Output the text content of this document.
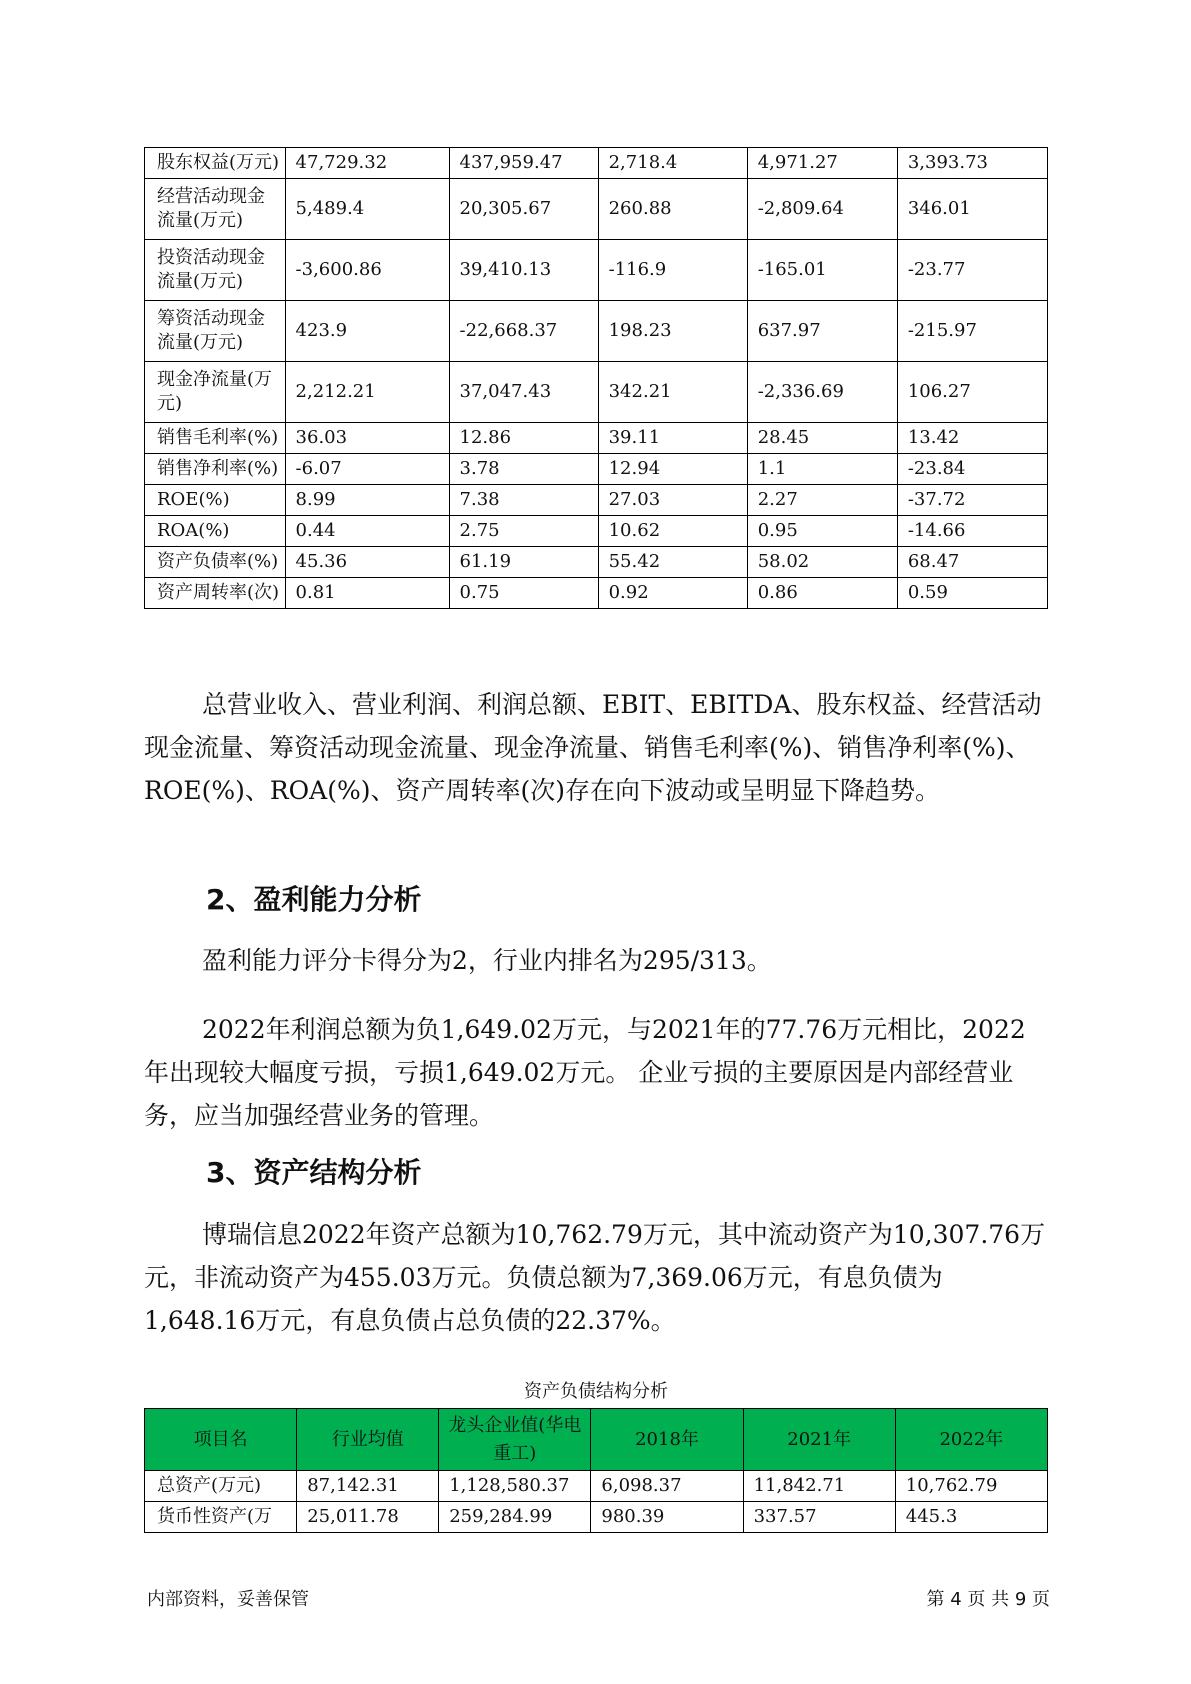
股东权益(万元)	47,729.32	437,959.47	2,718.4	4,971.27	3,393.73
经营活动现金流量(万元)	5,489.4	20,305.67	260.88	-2,809.64	346.01
投资活动现金流量(万元)	-3,600.86	39,410.13	-116.9	-165.01	-23.77
筹资活动现金流量(万元)	423.9	-22,668.37	198.23	637.97	-215.97
现金净流量(万元)	2,212.21	37,047.43	342.21	-2,336.69	106.27
销售毛利率(%)	36.03	12.86	39.11	28.45	13.42
销售净利率(%)	-6.07	3.78	12.94	1.1	-23.84
ROE(%)	8.99	7.38	27.03	2.27	-37.72
ROA(%)	0.44	2.75	10.62	0.95	-14.66
资产负债率(%)	45.36	61.19	55.42	58.02	68.47
资产周转率(次)	0.81	0.75	0.92	0.86	0.59

总营业收入、营业利润、利润总额、EBIT、EBITDA、股东权益、经营活动现金流量、筹资活动现金流量、现金净流量、销售毛利率(%)、销售净利率(%)、ROE(%)、ROA(%)、资产周转率(次)存在向下波动或呈明显下降趋势。

2、盈利能力分析

盈利能力评分卡得分为2，行业内排名为295/313。

2022年利润总额为负1,649.02万元，与2021年的77.76万元相比，2022年出现较大幅度亏损，亏损1,649.02万元。 企业亏损的主要原因是内部经营业务，应当加强经营业务的管理。

3、资产结构分析

博瑞信息2022年资产总额为10,762.79万元，其中流动资产为10,307.76万元，非流动资产为455.03万元。负债总额为7,369.06万元，有息负债为1,648.16万元，有息负债占总负债的22.37%。

资产负债结构分析

项目名	行业均值	龙头企业值(华电重工)	2018年	2021年	2022年
总资产(万元)	87,142.31	1,128,580.37	6,098.37	11,842.71	10,762.79
货币性资产(万	25,011.78	259,284.99	980.39	337.57	445.3

内部资料，妥善保管	第 4 页 共 9 页
